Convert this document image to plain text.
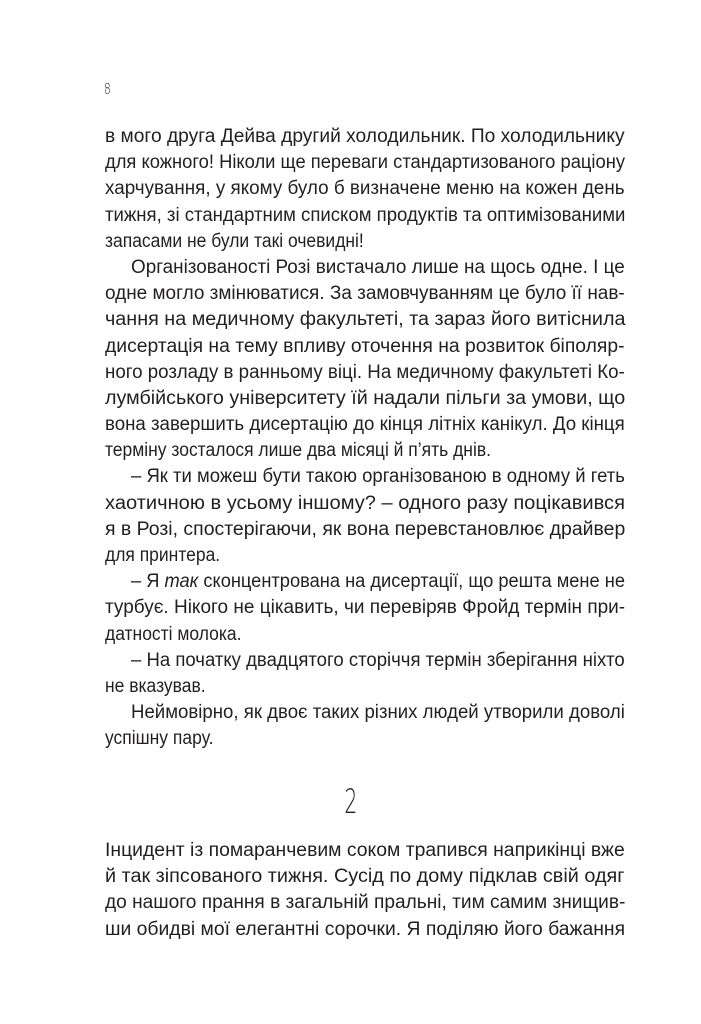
8
в мого друга Дейва другий холодильник. По холодильнику
для кожного! Ніколи ще переваги стандартизованого раціону
харчування, у якому було б визначене меню на кожен день
тижня, зі стандартним списком продуктів та оптимізованими
запасами не були такі очевидні!
Організованості Розі вистачало лише на щось одне. І це
одне могло змінюватися. За замовчуванням це було її нав-
чання на медичному факультеті, та зараз його витіснила
дисертація на тему впливу оточення на розвиток біполяр-
ного розладу в ранньому віці. На медичному факультеті Ко-
лумбійського університету їй надали пільги за умови, що
вона завершить дисертацію до кінця літніх канікул. До кінця
терміну зосталося лише два місяці й п’ять днів.
– Як ти можеш бути такою організованою в одному й геть
хаотичною в усьому іншому? – одного разу поцікавився
я в Розі, спостерігаючи, як вона перевстановлює драйвер
для принтера.
– Я так сконцентрована на дисертації, що решта мене не
турбує. Нікого не цікавить, чи перевіряв Фройд термін при-
датності молока.
– На початку двадцятого сторіччя термін зберігання ніхто
не вказував.
Неймовірно, як двоє таких різних людей утворили доволі
успішну пару.
2
Інцидент із помаранчевим соком трапився наприкінці вже
й так зіпсованого тижня. Сусід по дому підклав свій одяг
до нашого прання в загальній пральні, тим самим знищив-
ши обидві мої елегантні сорочки. Я поділяю його бажання
